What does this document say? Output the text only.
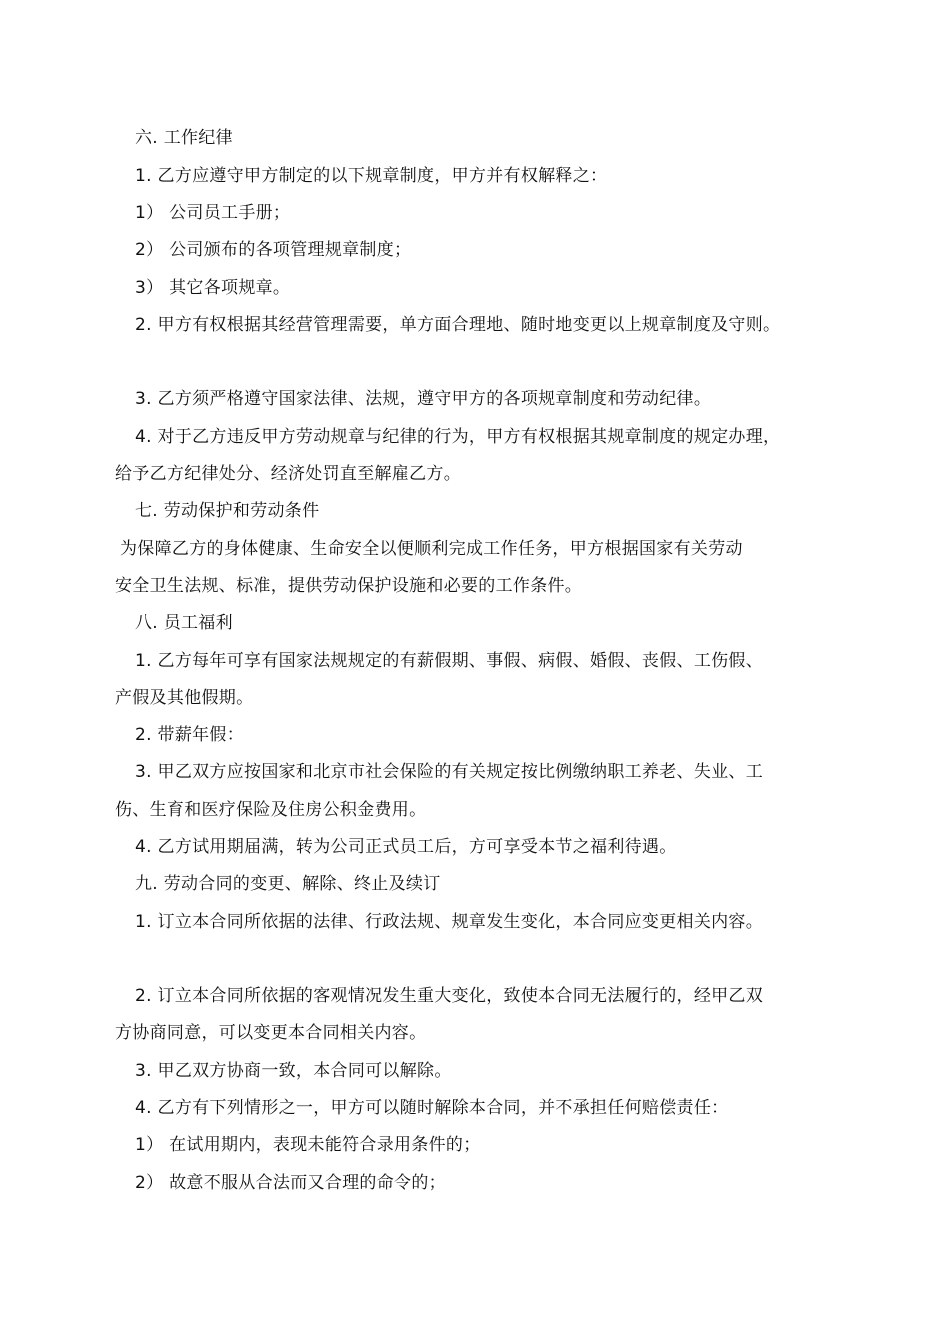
六. 工作纪律
1. 乙方应遵守甲方制定的以下规章制度，甲方并有权解释之：
1） 公司员工手册；
2） 公司颁布的各项管理规章制度；
3） 其它各项规章。
2. 甲方有权根据其经营管理需要，单方面合理地、随时地变更以上规章制度及守则。
3. 乙方须严格遵守国家法律、法规，遵守甲方的各项规章制度和劳动纪律。
4. 对于乙方违反甲方劳动规章与纪律的行为，甲方有权根据其规章制度的规定办理，
给予乙方纪律处分、经济处罚直至解雇乙方。
七. 劳动保护和劳动条件
为保障乙方的身体健康、生命安全以便顺利完成工作任务，甲方根据国家有关劳动
安全卫生法规、标准，提供劳动保护设施和必要的工作条件。
八. 员工福利
1. 乙方每年可享有国家法规规定的有薪假期、事假、病假、婚假、丧假、工伤假、
产假及其他假期。
2. 带薪年假：
3. 甲乙双方应按国家和北京市社会保险的有关规定按比例缴纳职工养老、失业、工
伤、生育和医疗保险及住房公积金费用。
4. 乙方试用期届满，转为公司正式员工后，方可享受本节之福利待遇。
九. 劳动合同的变更、解除、终止及续订
1. 订立本合同所依据的法律、行政法规、规章发生变化，本合同应变更相关内容。
2. 订立本合同所依据的客观情况发生重大变化，致使本合同无法履行的，经甲乙双
方协商同意，可以变更本合同相关内容。
3. 甲乙双方协商一致，本合同可以解除。
4. 乙方有下列情形之一，甲方可以随时解除本合同，并不承担任何赔偿责任：
1） 在试用期内，表现未能符合录用条件的；
2） 故意不服从合法而又合理的命令的；
